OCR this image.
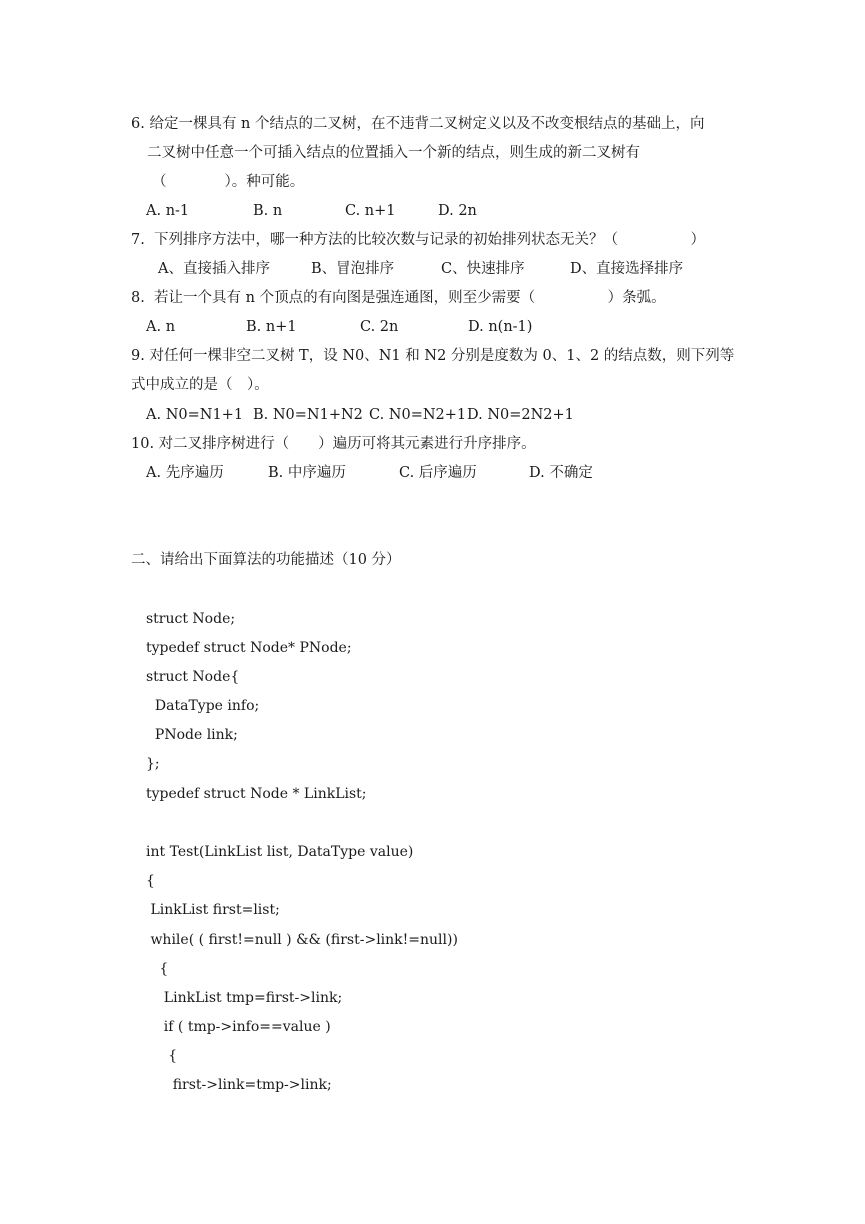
6. 给定一棵具有 n 个结点的二叉树，在不违背二叉树定义以及不改变根结点的基础上，向
二叉树中任意一个可插入结点的位置插入一个新的结点，则生成的新二叉树有
（　　　　）。种可能。

A. n-1

	B. n

	C. n+1

	D. 2n

7.  下列排序方法中，哪一种方法的比较次数与记录的初始排列状态无关？（　　　　　）

A、直接插入排序

	B、冒泡排序

	C、快速排序

	D、直接选择排序

8.  若让一个具有 n 个顶点的有向图是强连通图，则至少需要（　　　　　）条弧。

A. n

	B. n+1

	C. 2n

	D. n(n-1)

9. 对任何一棵非空二叉树 T，设 N0、N1 和 N2 分别是度数为 0、1、2 的结点数，则下列等
式中成立的是（　）。

A. N0=N1+1

B. N0=N1+N2

C. N0=N2+1

D. N0=2N2+1

10. 对二叉排序树进行（　　）遍历可将其元素进行升序排序。

A. 先序遍历

	B. 中序遍历

	C. 后序遍历

	D. 不确定

二、请给出下面算法的功能描述（10 分）
struct Node;
typedef struct Node* PNode;
struct Node{
DataType info;
PNode link;
};
typedef struct Node * LinkList;
int Test(LinkList list, DataType value)
{
LinkList first=list;
while( ( first!=null ) && (first->link!=null))
{
LinkList tmp=first->link;
if ( tmp->info==value )
{
first->link=tmp->link;
